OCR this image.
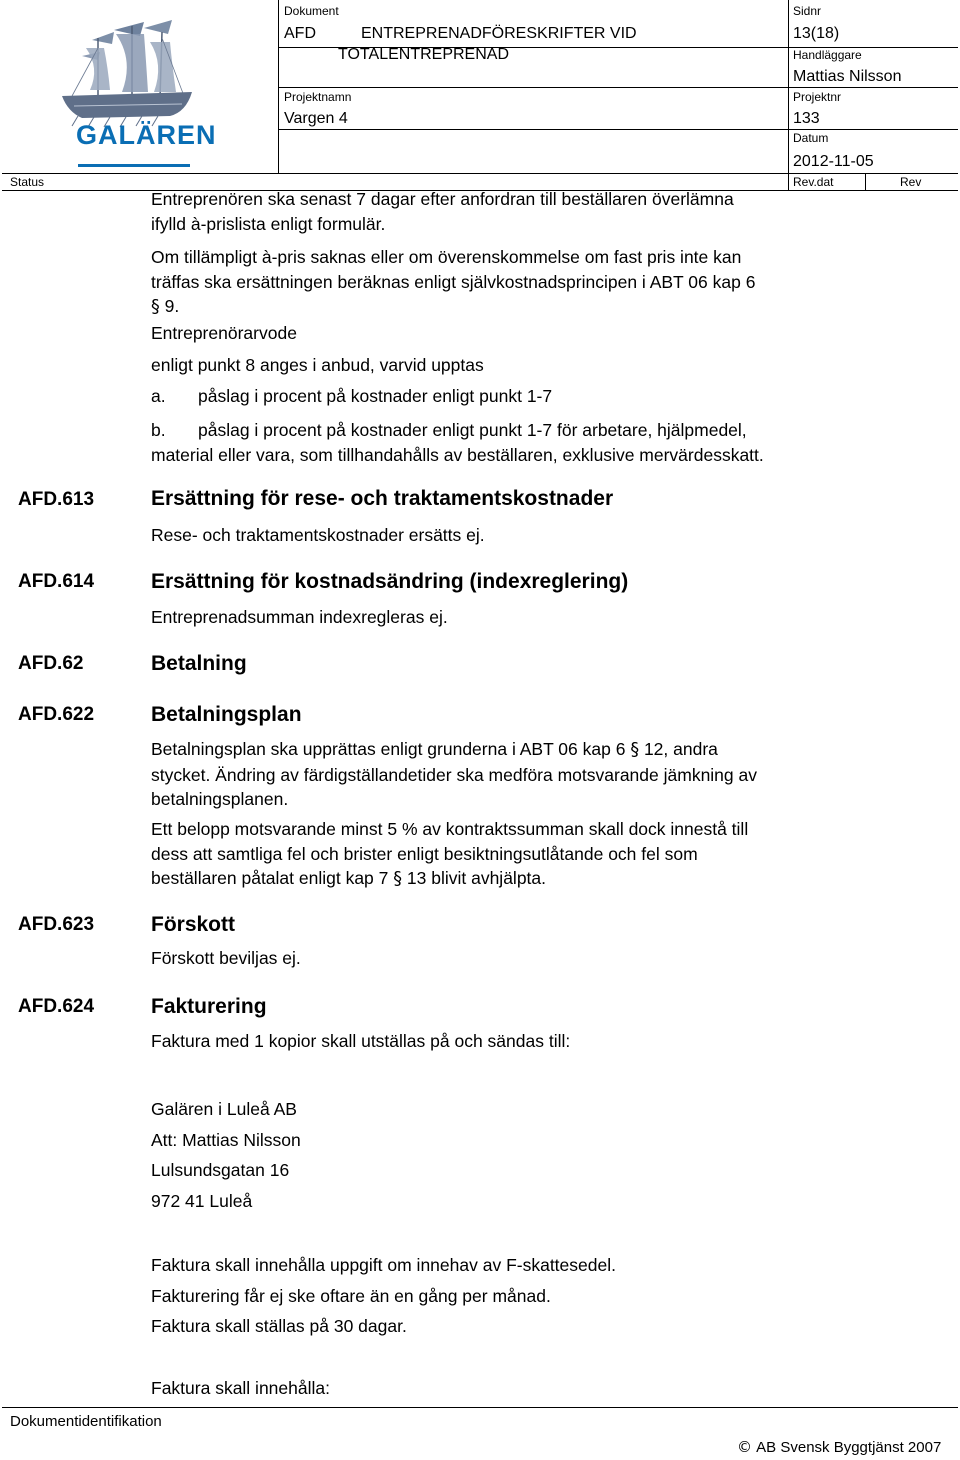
GALÄREN
Dokument
AFD	ENTREPRENADFÖRESKRIFTER VID
TOTALENTREPRENAD
Sidnr
13(18)
Handläggare
Mattias Nilsson
Projektnamn
Vargen 4
Projektnr
133
Datum
2012-11-05
Status	Rev.dat	Rev
Entreprenören ska senast 7 dagar efter anfordran till beställaren överlämna
ifylld à-prislista enligt formulär.
Om tillämpligt à-pris saknas eller om överenskommelse om fast pris inte kan
träffas ska ersättningen beräknas enligt självkostnadsprincipen i ABT 06 kap 6
§ 9.
Entreprenörarvode
enligt punkt 8 anges i anbud, varvid upptas
a. påslag i procent på kostnader enligt punkt 1-7
b. påslag i procent på kostnader enligt punkt 1-7 för arbetare, hjälpmedel,
material eller vara, som tillhandahålls av beställaren, exklusive mervärdesskatt.
AFD.613	Ersättning för rese- och traktamentskostnader
Rese- och traktamentskostnader ersätts ej.
AFD.614	Ersättning för kostnadsändring (indexreglering)
Entreprenadsumman indexregleras ej.
AFD.62	Betalning
AFD.622	Betalningsplan
Betalningsplan ska upprättas enligt grunderna i ABT 06 kap 6 § 12, andra
stycket. Ändring av färdigställandetider ska medföra motsvarande jämkning av
betalningsplanen.
Ett belopp motsvarande minst 5 % av kontraktssumman skall dock innestå till
dess att samtliga fel och brister enligt besiktningsutlåtande och fel som
beställaren påtalat enligt kap 7 § 13 blivit avhjälpta.
AFD.623	Förskott
Förskott beviljas ej.
AFD.624	Fakturering
Faktura med 1 kopior skall utställas på och sändas till:
Galären i Luleå AB
Att: Mattias Nilsson
Lulsundsgatan 16
972 41 Luleå
Faktura skall innehålla uppgift om innehav av F-skattesedel.
Fakturering får ej ske oftare än en gång per månad.
Faktura skall ställas på 30 dagar.
Faktura skall innehålla:
Dokumentidentifikation
© AB Svensk Byggtjänst 2007
